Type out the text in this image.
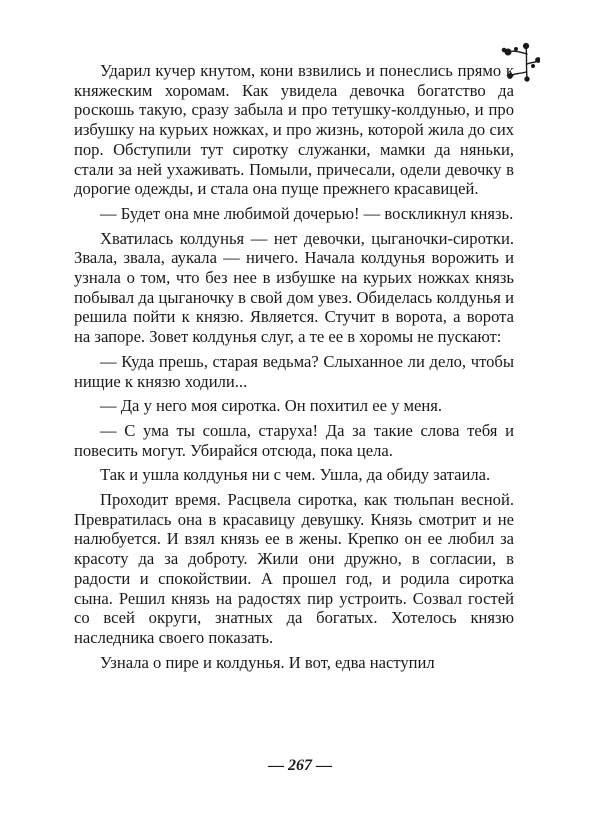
Ударил кучер кнутом, кони взвились и понеслись прямо к княжеским хоромам. Как увидела девочка богатство да роскошь такую, сразу забыла и про тетушку-колдунью, и про избушку на курьих ножках, и про жизнь, которой жила до сих пор. Обступили тут сиротку служанки, мамки да няньки, стали за ней ухаживать. Помыли, причесали, одели девочку в дорогие одежды, и стала она пуще прежнего красавицей.

— Будет она мне любимой дочерью! — воскликнул князь.

Хватилась колдунья — нет девочки, цыганочки-сиротки. Звала, звала, аукала — ничего. Начала колдунья ворожить и узнала о том, что без нее в избушке на курьих ножках князь побывал да цыганочку в свой дом увез. Обиделась колдунья и решила пойти к князю. Является. Стучит в ворота, а ворота на запоре. Зовет колдунья слуг, а те ее в хоромы не пускают:

— Куда прешь, старая ведьма? Слыханное ли дело, чтобы нищие к князю ходили...

— Да у него моя сиротка. Он похитил ее у меня.

— С ума ты сошла, старуха! Да за такие слова тебя и повесить могут. Убирайся отсюда, пока цела.

Так и ушла колдунья ни с чем. Ушла, да обиду затаила.

Проходит время. Расцвела сиротка, как тюльпан весной. Превратилась она в красавицу девушку. Князь смотрит и не налюбуется. И взял князь ее в жены. Крепко он ее любил за красоту да за доброту. Жили они дружно, в согласии, в радости и спокойствии. А прошел год, и родила сиротка сына. Решил князь на радостях пир устроить. Созвал гостей со всей округи, знатных да богатых. Хотелось князю наследника своего показать.

Узнала о пире и колдунья. И вот, едва наступил

— 267 —
